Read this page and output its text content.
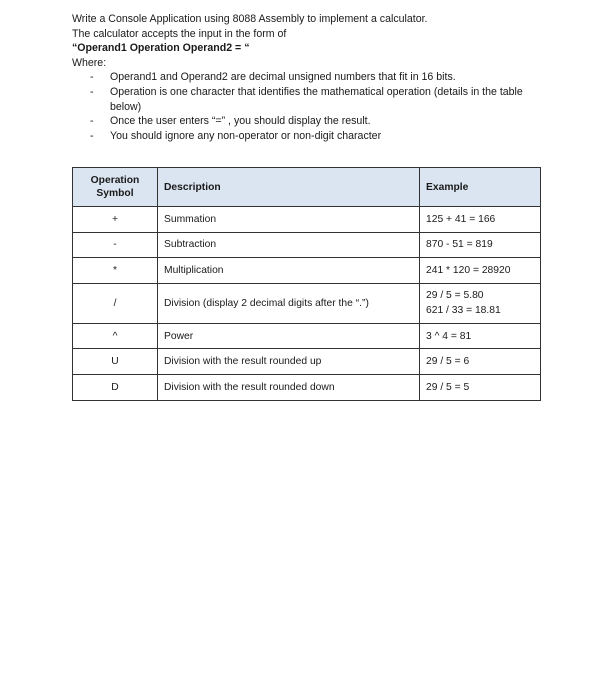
Write a Console Application using 8088 Assembly to implement a calculator.

The calculator accepts the input in the form of

“Operand1 Operation Operand2 = “

Where:

- Operand1 and Operand2 are decimal unsigned numbers that fit in 16 bits.
- Operation is one character that identifies the mathematical operation (details in the table below)
- Once the user enters “=” , you should display the result.
- You should ignore any non-operator or non-digit character
Operation Symbol	Description	Example
+	Summation	125 + 41 = 166

-	Subtraction	870 - 51 = 819

*	Multiplication	241 * 120 = 28920

/	Division (display 2 decimal digits after the “.”)	29 / 5 = 5.80
621 / 33 = 18.81

^	Power	3 ^ 4 = 81

U	Division with the result rounded up	29 / 5 = 6

D	Division with the result rounded down	29 / 5 = 5
